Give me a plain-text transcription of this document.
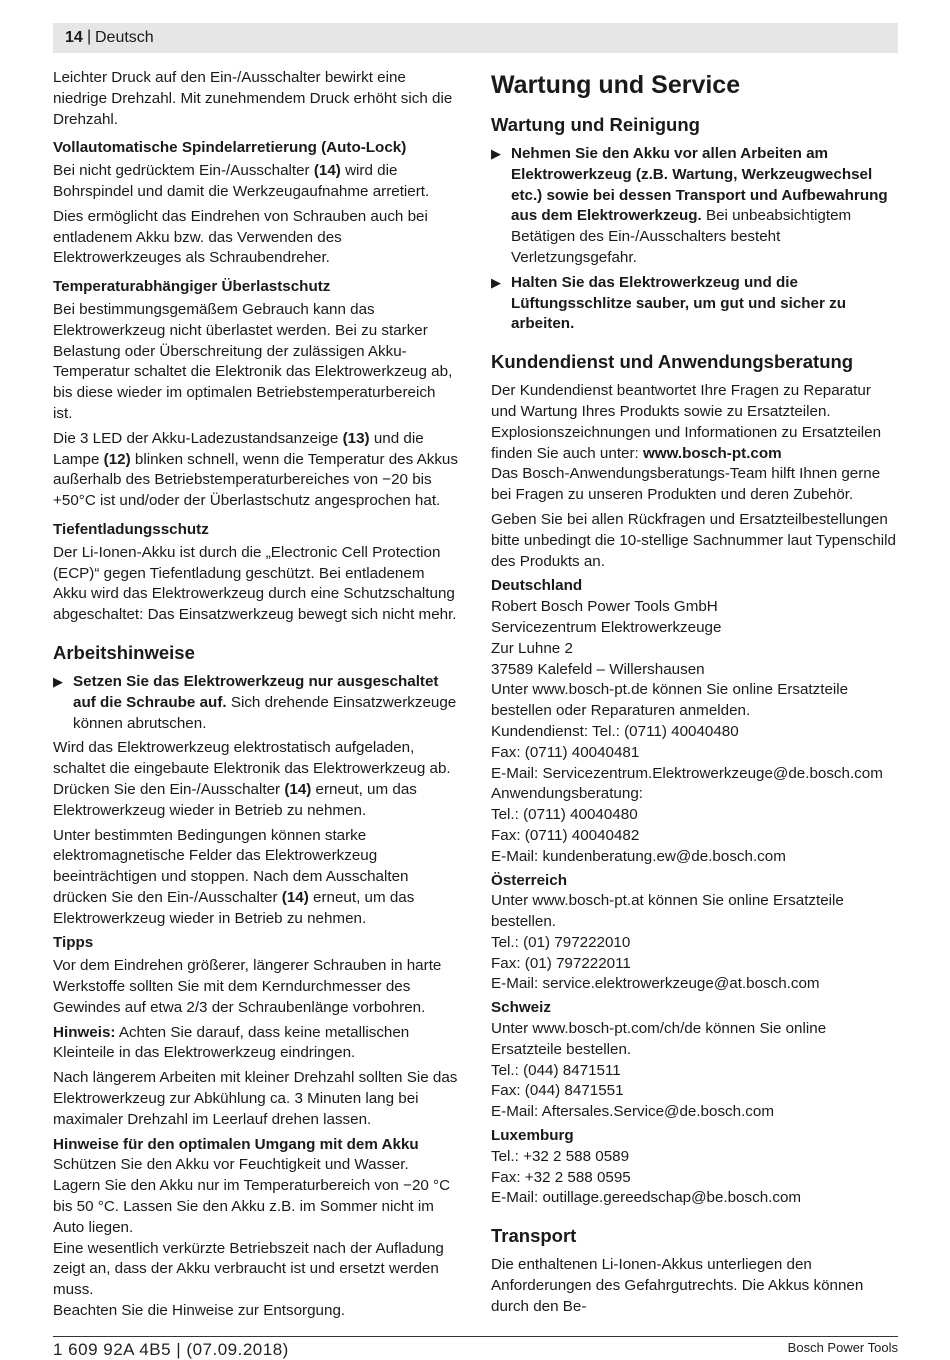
14 | Deutsch

Leichter Druck auf den Ein-/Ausschalter bewirkt eine niedrige Drehzahl. Mit zunehmendem Druck erhöht sich die Drehzahl.

Vollautomatische Spindelarretierung (Auto-Lock)

Bei nicht gedrücktem Ein-/Ausschalter (14) wird die Bohrspindel und damit die Werkzeugaufnahme arretiert.

Dies ermöglicht das Eindrehen von Schrauben auch bei entladenem Akku bzw. das Verwenden des Elektrowerkzeuges als Schraubendreher.

Temperaturabhängiger Überlastschutz

Bei bestimmungsgemäßem Gebrauch kann das Elektrowerkzeug nicht überlastet werden. Bei zu starker Belastung oder Überschreitung der zulässigen Akku-Temperatur schaltet die Elektronik das Elektrowerkzeug ab, bis diese wieder im optimalen Betriebstemperaturbereich ist.

Die 3 LED der Akku-Ladezustandsanzeige (13) und die Lampe (12) blinken schnell, wenn die Temperatur des Akkus außerhalb des Betriebstemperaturbereiches von −20 bis +50°C ist und/oder der Überlastschutz angesprochen hat.

Tiefentladungsschutz

Der Li-Ionen-Akku ist durch die „Electronic Cell Protection (ECP)“ gegen Tiefentladung geschützt. Bei entladenem Akku wird das Elektrowerkzeug durch eine Schutzschaltung abgeschaltet: Das Einsatzwerkzeug bewegt sich nicht mehr.

Arbeitshinweise
▶ Setzen Sie das Elektrowerkzeug nur ausgeschaltet auf die Schraube auf. Sich drehende Einsatzwerkzeuge können abrutschen.

Wird das Elektrowerkzeug elektrostatisch aufgeladen, schaltet die eingebaute Elektronik das Elektrowerkzeug ab. Drücken Sie den Ein-/Ausschalter (14) erneut, um das Elektrowerkzeug wieder in Betrieb zu nehmen.

Unter bestimmten Bedingungen können starke elektromagnetische Felder das Elektrowerkzeug beeinträchtigen und stoppen. Nach dem Ausschalten drücken Sie den Ein-/Ausschalter (14) erneut, um das Elektrowerkzeug wieder in Betrieb zu nehmen.

Tipps

Vor dem Eindrehen größerer, längerer Schrauben in harte Werkstoffe sollten Sie mit dem Kerndurchmesser des Gewindes auf etwa 2/3 der Schraubenlänge vorbohren.

Hinweis: Achten Sie darauf, dass keine metallischen Kleinteile in das Elektrowerkzeug eindringen.

Nach längerem Arbeiten mit kleiner Drehzahl sollten Sie das Elektrowerkzeug zur Abkühlung ca. 3 Minuten lang bei maximaler Drehzahl im Leerlauf drehen lassen.

Hinweise für den optimalen Umgang mit dem Akku
Schützen Sie den Akku vor Feuchtigkeit und Wasser.
Lagern Sie den Akku nur im Temperaturbereich von −20 °C bis 50 °C. Lassen Sie den Akku z.B. im Sommer nicht im Auto liegen.
Eine wesentlich verkürzte Betriebszeit nach der Aufladung zeigt an, dass der Akku verbraucht ist und ersetzt werden muss.
Beachten Sie die Hinweise zur Entsorgung.
Wartung und Service
Wartung und Reinigung
▶ Nehmen Sie den Akku vor allen Arbeiten am Elektrowerkzeug (z.B. Wartung, Werkzeugwechsel etc.) sowie bei dessen Transport und Aufbewahrung aus dem Elektrowerkzeug. Bei unbeabsichtigtem Betätigen des Ein-/Ausschalters besteht Verletzungsgefahr.
▶ Halten Sie das Elektrowerkzeug und die Lüftungsschlitze sauber, um gut und sicher zu arbeiten.
Kundendienst und Anwendungsberatung

Der Kundendienst beantwortet Ihre Fragen zu Reparatur und Wartung Ihres Produkts sowie zu Ersatzteilen. Explosionszeichnungen und Informationen zu Ersatzteilen finden Sie auch unter: www.bosch-pt.com

Das Bosch-Anwendungsberatungs-Team hilft Ihnen gerne bei Fragen zu unseren Produkten und deren Zubehör.

Geben Sie bei allen Rückfragen und Ersatzteilbestellungen bitte unbedingt die 10-stellige Sachnummer laut Typenschild des Produkts an.

Deutschland
Robert Bosch Power Tools GmbH
Servicezentrum Elektrowerkzeuge
Zur Luhne 2
37589 Kalefeld – Willershausen
Unter www.bosch-pt.de können Sie online Ersatzteile bestellen oder Reparaturen anmelden.
Kundendienst: Tel.: (0711) 40040480
Fax: (0711) 40040481
E-Mail: Servicezentrum.Elektrowerkzeuge@de.bosch.com
Anwendungsberatung:
Tel.: (0711) 40040480
Fax: (0711) 40040482
E-Mail: kundenberatung.ew@de.bosch.com
Österreich
Unter www.bosch-pt.at können Sie online Ersatzteile bestellen.
Tel.: (01) 797222010
Fax: (01) 797222011
E-Mail: service.elektrowerkzeuge@at.bosch.com
Schweiz
Unter www.bosch-pt.com/ch/de können Sie online Ersatzteile bestellen.
Tel.: (044) 8471511
Fax: (044) 8471551
E-Mail: Aftersales.Service@de.bosch.com
Luxemburg
Tel.: +32 2 588 0589
Fax: +32 2 588 0595
E-Mail: outillage.gereedschap@be.bosch.com
Transport

Die enthaltenen Li-Ionen-Akkus unterliegen den Anforderungen des Gefahrgutrechts. Die Akkus können durch den Be-

1 609 92A 4B5 | (07.09.2018)	Bosch Power Tools
